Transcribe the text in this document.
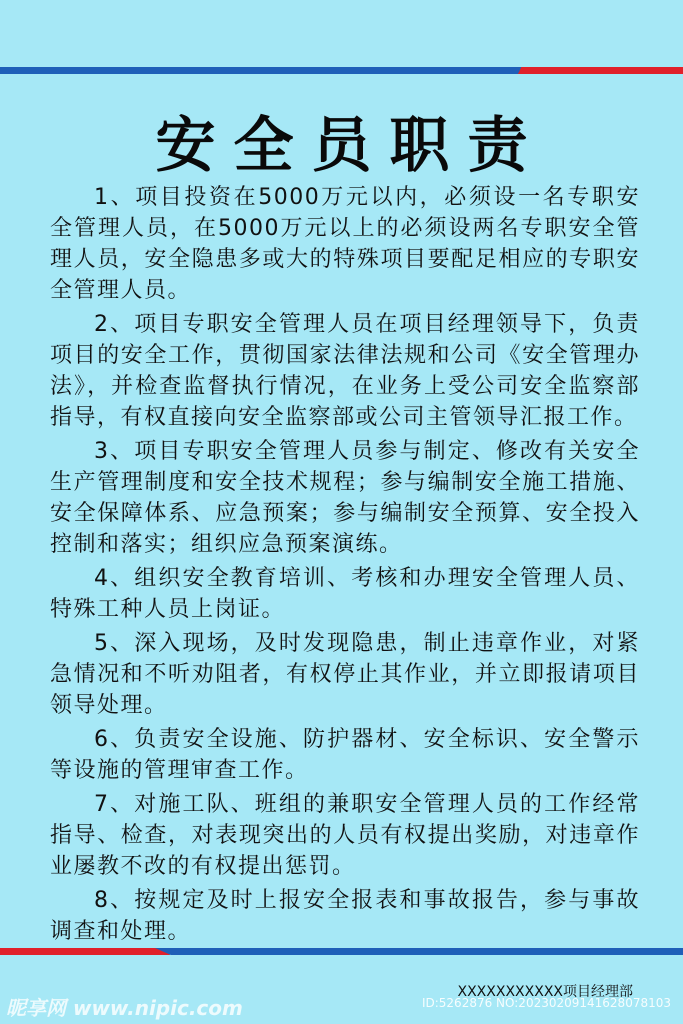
安全员职责

1、项目投资在5000万元以内，必须设一名专职安全管理人员，在5000万元以上的必须设两名专职安全管理人员，安全隐患多或大的特殊项目要配足相应的专职安全管理人员。

2、项目专职安全管理人员在项目经理领导下，负责项目的安全工作，贯彻国家法律法规和公司《安全管理办法》，并检查监督执行情况，在业务上受公司安全监察部指导，有权直接向安全监察部或公司主管领导汇报工作。

3、项目专职安全管理人员参与制定、修改有关安全生产管理制度和安全技术规程；参与编制安全施工措施、安全保障体系、应急预案；参与编制安全预算、安全投入控制和落实；组织应急预案演练。

4、组织安全教育培训、考核和办理安全管理人员、特殊工种人员上岗证。

5、深入现场，及时发现隐患，制止违章作业，对紧急情况和不听劝阻者，有权停止其作业，并立即报请项目领导处理。

6、负责安全设施、防护器材、安全标识、安全警示等设施的管理审查工作。

7、对施工队、班组的兼职安全管理人员的工作经常指导、检查，对表现突出的人员有权提出奖励，对违章作业屡教不改的有权提出惩罚。

8、按规定及时上报安全报表和事故报告，参与事故调查和处理。

XXXXXXXXXXX项目经理部
昵享网 www.nipic.com	ID:5262876 NO:20230209141628078103
